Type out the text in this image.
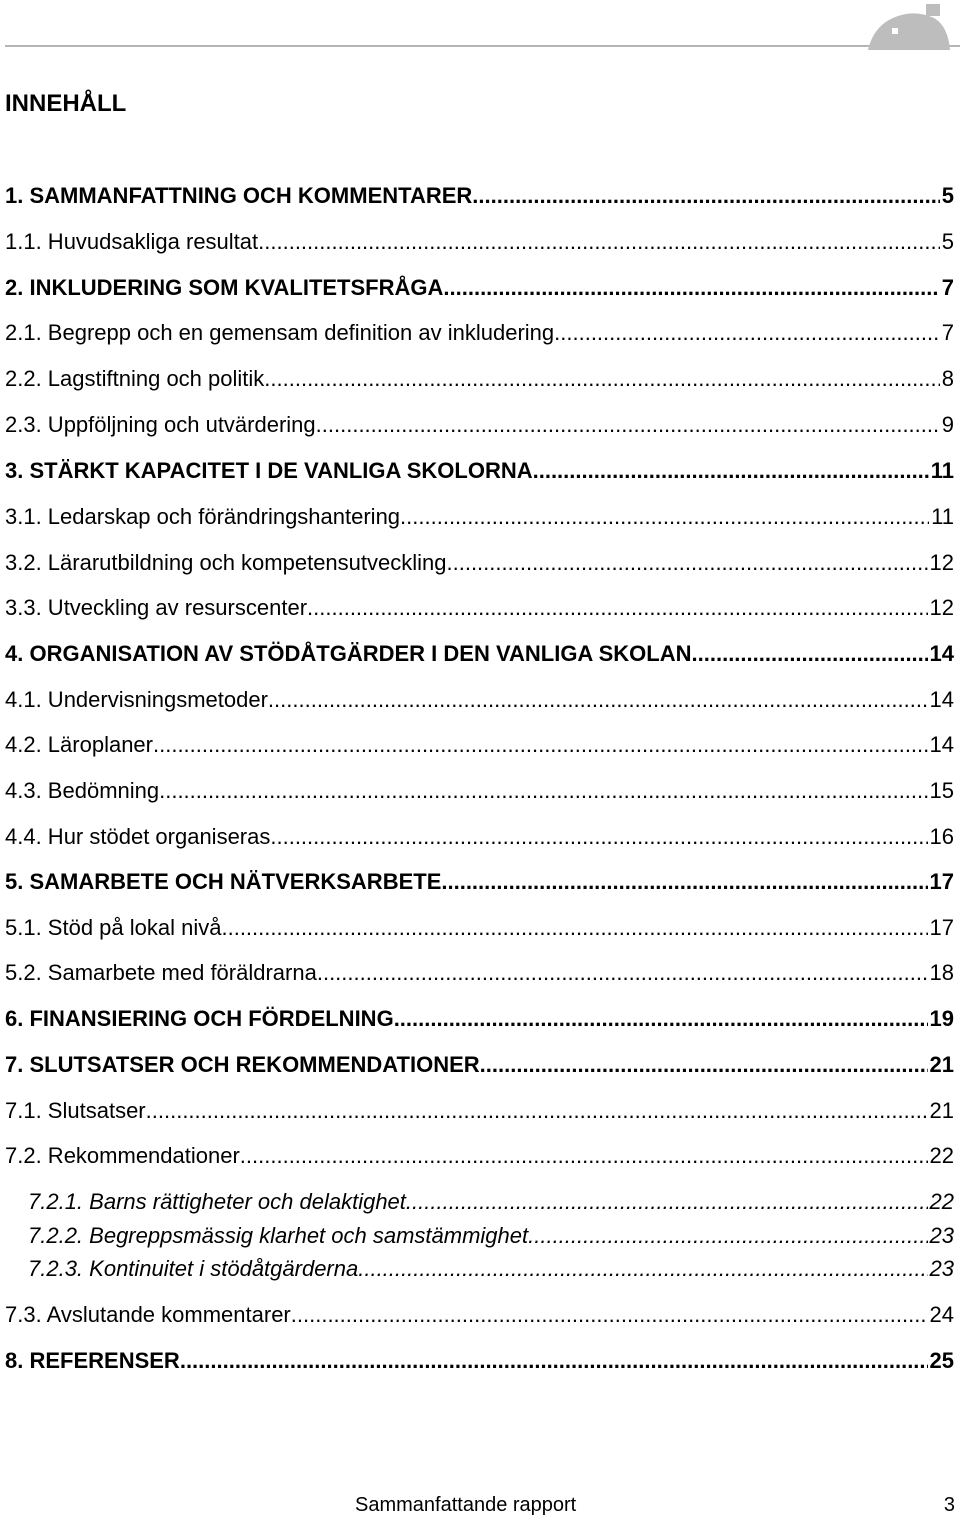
INNEHÅLL
1. SAMMANFATTNING OCH KOMMENTARER .....	5
1.1. Huvudsakliga resultat .....	5
2. INKLUDERING SOM KVALITETSFRÅGA .....	7
2.1. Begrepp och en gemensam definition av inkludering .....	7
2.2. Lagstiftning och politik .....	8
2.3. Uppföljning och utvärdering .....	9
3. STÄRKT KAPACITET I DE VANLIGA SKOLORNA .....	11
3.1. Ledarskap och förändringshantering .....	11
3.2. Lärarutbildning och kompetensutveckling .....	12
3.3. Utveckling av resurscenter .....	12
4. ORGANISATION AV STÖDÅTGÄRDER I DEN VANLIGA SKOLAN .....	14
4.1. Undervisningsmetoder .....	14
4.2. Läroplaner .....	14
4.3. Bedömning .....	15
4.4. Hur stödet organiseras .....	16
5. SAMARBETE OCH NÄTVERKSARBETE .....	17
5.1. Stöd på lokal nivå .....	17
5.2. Samarbete med föräldrarna .....	18
6. FINANSIERING OCH FÖRDELNING .....	19
7. SLUTSATSER OCH REKOMMENDATIONER .....	21
7.1. Slutsatser .....	21
7.2. Rekommendationer .....	22
7.2.1. Barns rättigheter och delaktighet .....	22
7.2.2. Begreppsmässig klarhet och samstämmighet .....	23
7.2.3. Kontinuitet i stödåtgärderna .....	23
7.3. Avslutande kommentarer .....	24
8. REFERENSER .....	25
Sammanfattande rapport	3
